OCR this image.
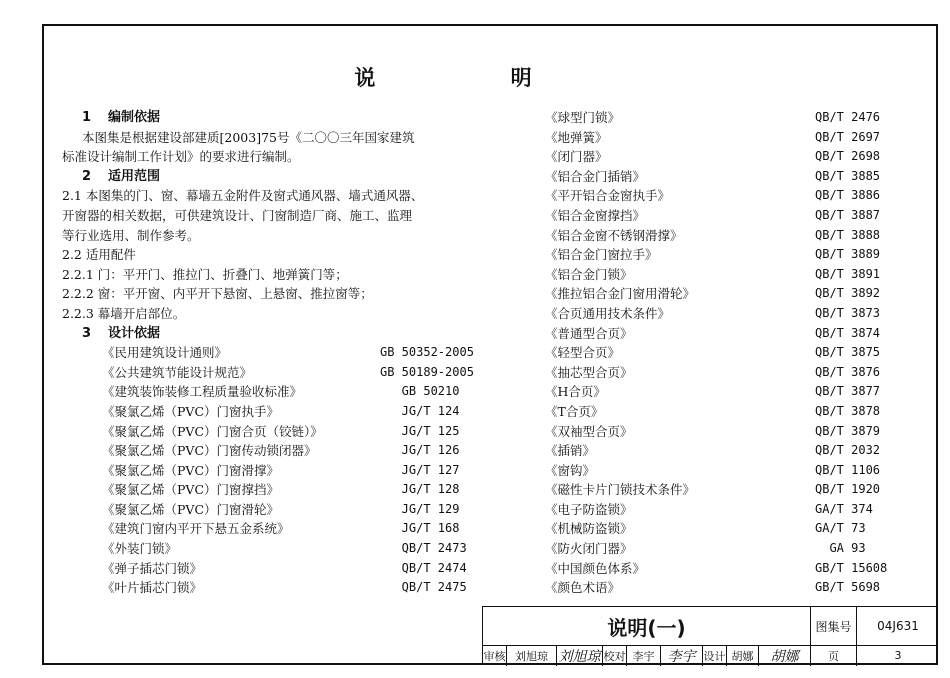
说 明
1 编制依据
本图集是根据建设部建质[2003]75号《二〇〇三年国家建筑
标准设计编制工作计划》的要求进行编制。
2 适用范围
2.1 本图集的门、窗、幕墙五金附件及窗式通风器、墙式通风器、
开窗器的相关数据，可供建筑设计、门窗制造厂商、施工、监理
等行业选用、制作参考。
2.2 适用配件
2.2.1 门：平开门、推拉门、折叠门、地弹簧门等；
2.2.2 窗：平开窗、内平开下悬窗、上悬窗、推拉窗等；
2.2.3 幕墙开启部位。
3 设计依据
《民用建筑设计通则》	GB 50352-2005
《公共建筑节能设计规范》	GB 50189-2005
《建筑装饰装修工程质量验收标准》	GB 50210
《聚氯乙烯（PVC）门窗执手》	JG/T 124
《聚氯乙烯（PVC）门窗合页（铰链）》	JG/T 125
《聚氯乙烯（PVC）门窗传动锁闭器》	JG/T 126
《聚氯乙烯（PVC）门窗滑撑》	JG/T 127
《聚氯乙烯（PVC）门窗撑挡》	JG/T 128
《聚氯乙烯（PVC）门窗滑轮》	JG/T 129
《建筑门窗内平开下悬五金系统》	JG/T 168
《外装门锁》	QB/T 2473
《弹子插芯门锁》	QB/T 2474
《叶片插芯门锁》	QB/T 2475
《球型门锁》	QB/T 2476
《地弹簧》	QB/T 2697
《闭门器》	QB/T 2698
《铝合金门插销》	QB/T 3885
《平开铝合金窗执手》	QB/T 3886
《铝合金窗撑挡》	QB/T 3887
《铝合金窗不锈钢滑撑》	QB/T 3888
《铝合金门窗拉手》	QB/T 3889
《铝合金门锁》	QB/T 3891
《推拉铝合金门窗用滑轮》	QB/T 3892
《合页通用技术条件》	QB/T 3873
《普通型合页》	QB/T 3874
《轻型合页》	QB/T 3875
《抽芯型合页》	QB/T 3876
《H合页》	QB/T 3877
《T合页》	QB/T 3878
《双袖型合页》	QB/T 3879
《插销》	QB/T 2032
《窗钩》	QB/T 1106
《磁性卡片门锁技术条件》	QB/T 1920
《电子防盗锁》	GA/T 374
《机械防盗锁》	GA/T 73
《防火闭门器》	GA 93
《中国颜色体系》	GB/T 15608
《颜色术语》	GB/T 5698
说明(一)	图集号	04J631
审核 刘旭琼 刘旭琼 校对 李宇 李宇 设计 胡娜	胡娜	页	3
